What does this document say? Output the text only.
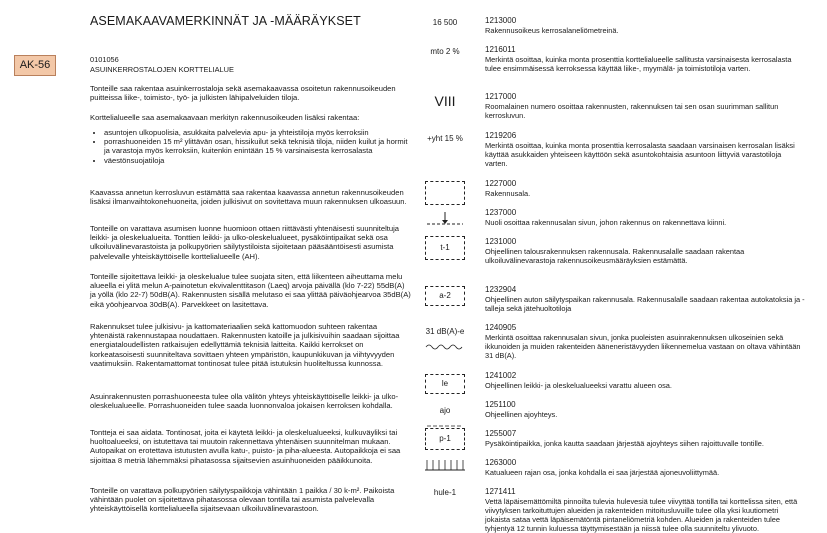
ASEMAKAAVAMERKINNÄT JA -MÄÄRÄYKSET
AK-56	0101056
ASUINKERROSTALOJEN KORTTELIALUE
Tonteille saa rakentaa asuinkerrostaloja sekä asemakaavassa osoitetun rakennusoikeuden puitteissa liike-, toimisto-, työ- ja julkisten lähipalveluiden tiloja.
Korttelialueelle saa asemakaavaan merkityn rakennusoikeuden lisäksi rakentaa:
• asuntojen ulkopuolisia, asukkaita palvelevia apu- ja yhteistiloja myös kerroksiin
• porrashuoneiden 15 m² ylittävän osan, hissikuilut sekä teknisiä tiloja, niiden kuilut ja hormit ja varastoja myös kerroksiin, kuitenkin enintään 15 % varsinaisesta kerrosalasta
• väestönsuojatiloja
Kaavassa annetun kerrosluvun estämättä saa rakentaa kaavassa annetun rakennusoikeuden lisäksi ilmanvaihtokonehuoneita, joiden julkisivut on sovitettava muun rakennuksen ulkoasuun.
Tonteille on varattava asumisen luonne huomioon ottaen riittävästi yhtenäisesti suunniteltuja leikki- ja oleskelualueita. Tonttien leikki- ja ulko-oleskelualueet, pysäköintipaikat sekä osa ulkoiluvälinevarastoista ja polkupyörien säilytystiloista sijoitetaan pääsääntöisesti asumista palvelevalle yhteiskäyttöiselle korttelialueelle (AH).
Tonteille sijoitettava leikki- ja oleskelualue tulee suojata siten, että liikenteen aiheuttama melu alueella ei ylitä melun A-painotetun ekvivalenttitason (Laeq) arvoja päivällä (klo 7-22) 55dB(A) ja yöllä (klo 22-7) 50dB(A). Rakennusten sisällä melutaso ei saa ylittää päiväohjearvoa 35dB(A) eikä yöohjearvoa 30dB(A). Parvekkeet on lasitettava.
Rakennukset tulee julkisivu- ja kattomateriaalien sekä kattomuodon suhteen rakentaa yhtenäistä rakennustapaa noudattaen. Rakennusten katoille ja julkisivuihin saadaan sijoittaa energiataloudellisten ratkaisujen edellyttämiä teknisiä laitteita. Kaikki kerrokset on korkeatasoisesti suunniteltava sovittaen yhteen ympäristön, kaupunkikuvan ja viihtyvyyden vaatimuksiin. Rakentamattomat tontinosat tulee pitää istutuksin huoliteltussa kunnossa.
Asuinrakennusten porrashuoneesta tulee olla välitön yhteys yhteiskäyttöiselle leikki- ja ulko-oleskelualueelle. Porrashuoneiden tulee saada luonnonvaloa jokaisen kerroksen kohdalla.
Tontteja ei saa aidata. Tontinosat, joita ei käytetä leikki- ja oleskelualueeksi, kulkuväyliksi tai huoltoalueeksi, on istutettava tai muutoin rakennettava yhtenäisen suunnitelman mukaan. Autopaikat on erotettava istutusten avulla katu-, puisto- ja piha-alueesta. Autopaikkoja ei saa sijoittaa 8 metriä lähemmäksi pihatasossa sijaitsevien asuinhuoneiden pääikkunoita.
Tonteille on varattava polkupyörien säilytyspaikkoja vähintään 1 paikka / 30 k-m². Paikoista vähintään puolet on sijoitettava pihatasossa olevaan tontilla tai asumista palvelevalla yhteiskäyttöisellä korttelialueella sijaitsevaan ulkoiluvälinevarastoon.
16 500
mto 2 %
VIII
+yht 15 %
t-1
a-2
31 dB(A)-e
le
ajo
p-1
hule-1
1213000
Rakennusoikeus kerrosalaneliömetreinä.
1216011
Merkintä osoittaa, kuinka monta prosenttia korttelialueelle sallitusta varsinaisesta kerrosalasta tulee ensimmäisessä kerroksessa käyttää liike-, myymälä- ja toimistotiloja varten.
1217000
Roomalainen numero osoittaa rakennusten, rakennuksen tai sen osan suurimman sallitun kerrosluvun.
1219206
Merkintä osoittaa, kuinka monta prosenttia kerrosalasta saadaan varsinaisen kerrosalan lisäksi käyttää asukkaiden yhteiseen käyttöön sekä asuntokohtaisia asuntoon liittyviä varastotiloja varten.
1227000
Rakennusala.
1237000
Nuoli osoittaa rakennusalan sivun, johon rakennus on rakennettava kiinni.
1231000
Ohjeellinen talousrakennuksen rakennusala. Rakennusalalle saadaan rakentaa ulkoiluvälinevarastoja rakennusoikeusmääräyksien estämättä.
1232904
Ohjeellinen auton säilytyspaikan rakennusala. Rakennusalalle saadaan rakentaa autokatoksia ja -talleja sekä jätehuoltotiloja
1240905
Merkintä osoittaa rakennusalan sivun, jonka puoleisten asuinrakennuksen ulkoseinien sekä ikkunoiden ja muiden rakenteiden ääneneristävyyden liikennemelua vastaan on oltava vähintään 31 dB(A).
1241002
Ohjeellinen leikki- ja oleskelualueeksi varattu alueen osa.
1251100
Ohjeellinen ajoyhteys.
1255007
Pysäköintipaikka, jonka kautta saadaan järjestää ajoyhteys siihen rajoittuvalle tontille.
1263000
Katualueen rajan osa, jonka kohdalla ei saa järjestää ajoneuvoliittymää.
1271411
Vettä läpäisemättömiltä pinnoilta tulevia hulevesiä tulee viivyttää tontilla tai korttelissa siten, että viivytyksen tarkoituttujen alueiden ja rakenteiden mitoitusluvuille tulee olla yksi kuutiometri jokaista sataa vettä läpäisemätöntä pintaneliömetriä kohden. Alueiden ja rakenteiden tulee tyhjentyä 12 tunnin kuluessa täyttymisestään ja niissä tulee olla suunniteltu ylivuoto.
